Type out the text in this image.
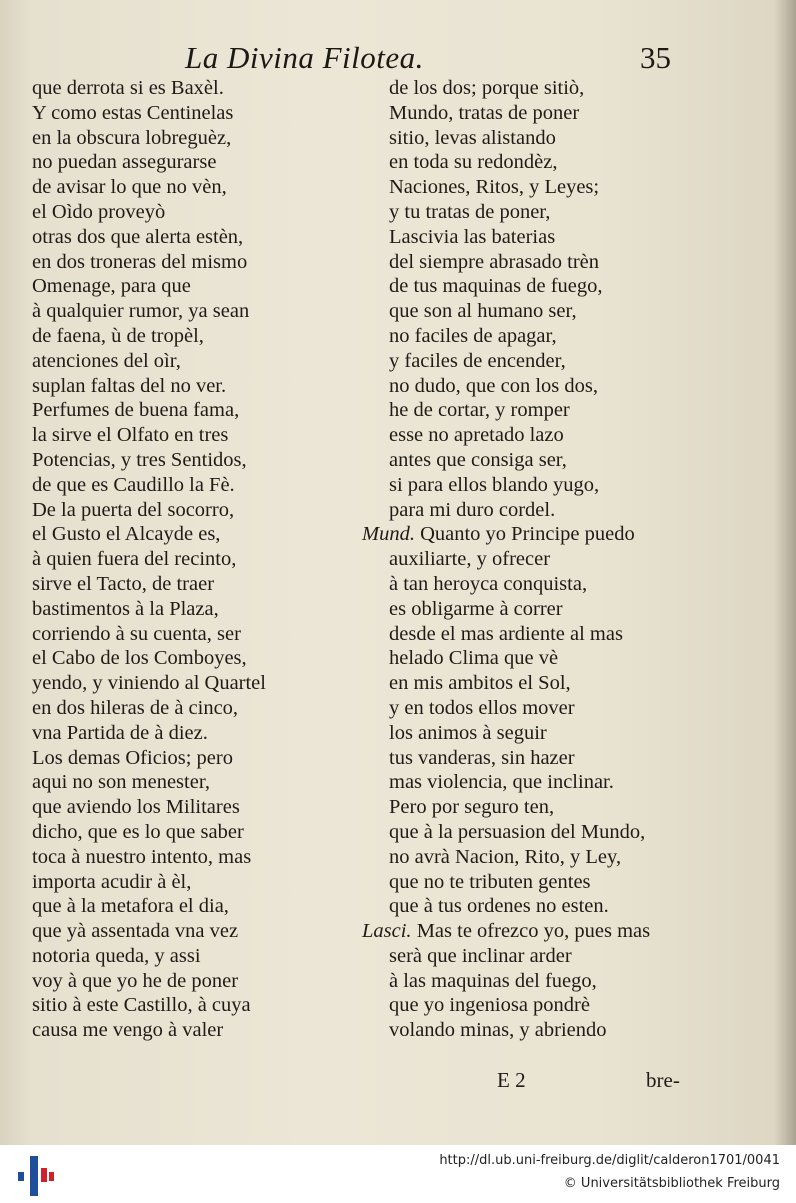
La Divina Filotea.	35
que derrota si es Baxèl.
Y como estas Centinelas
en la obscura lobreguèz,
no puedan assegurarse
de avisar lo que no vèn,
el Oìdo proveyò
otras dos que alerta estèn,
en dos troneras del mismo
Omenage, para que
à qualquier rumor, ya sean
de faena, ù de tropèl,
atenciones del oìr,
suplan faltas del no ver.
Perfumes de buena fama,
la sirve el Olfato en tres
Potencias, y tres Sentidos,
de que es Caudillo la Fè.
De la puerta del socorro,
el Gusto el Alcayde es,
à quien fuera del recinto,
sirve el Tacto, de traer
bastimentos à la Plaza,
corriendo à su cuenta, ser
el Cabo de los Comboyes,
yendo, y viniendo al Quartel
en dos hileras de à cinco,
vna Partida de à diez.
Los demas Oficios; pero
aqui no son menester,
que aviendo los Militares
dicho, que es lo que saber
toca à nuestro intento, mas
importa acudir à èl,
que à la metafora el dia,
que yà assentada vna vez
notoria queda, y assi
voy à que yo he de poner
sitio à este Castillo, à cuya
causa me vengo à valer
de los dos; porque sitiò,
Mundo, tratas de poner
sitio, levas alistando
en toda su redondèz,
Naciones, Ritos, y Leyes;
y tu tratas de poner,
Lascivia las baterias
del siempre abrasado trèn
de tus maquinas de fuego,
que son al humano ser,
no faciles de apagar,
y faciles de encender,
no dudo, que con los dos,
he de cortar, y romper
esse no apretado lazo
antes que consiga ser,
si para ellos blando yugo,
para mi duro cordel.
Mund. Quanto yo Principe puedo
auxiliarte, y ofrecer
à tan heroyca conquista,
es obligarme à correr
desde el mas ardiente al mas
helado Clima que vè
en mis ambitos el Sol,
y en todos ellos mover
los animos à seguir
tus vanderas, sin hazer
mas violencia, que inclinar.
Pero por seguro ten,
que à la persuasion del Mundo,
no avrà Nacion, Rito, y Ley,
que no te tributen gentes
que à tus ordenes no esten.
Lasci. Mas te ofrezco yo, pues mas
serà que inclinar arder
à las maquinas del fuego,
que yo ingeniosa pondrè
volando minas, y abriendo
E 2	bre-
http://dl.ub.uni-freiburg.de/diglit/calderon1701/0041
© Universitätsbibliothek Freiburg
